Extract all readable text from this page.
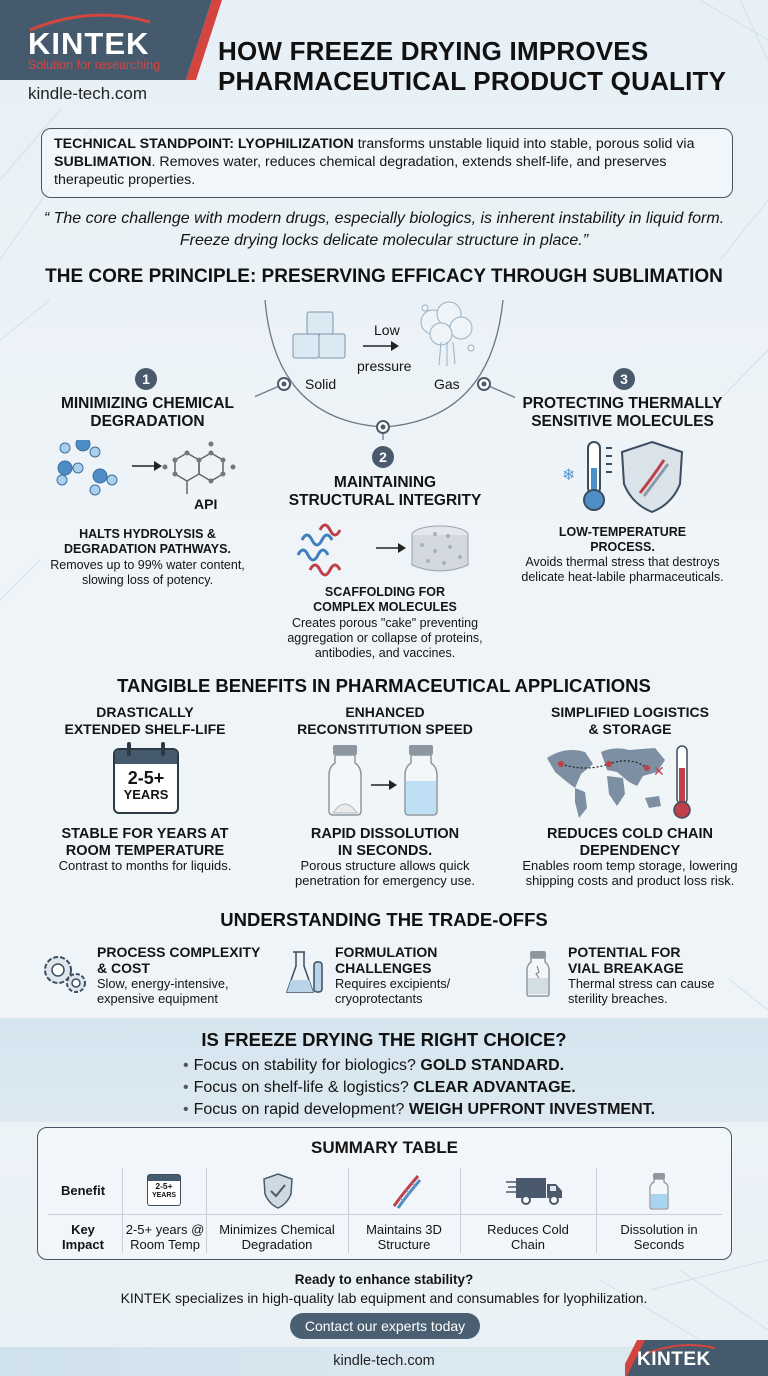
KINTEK
Solution for researching
kindle-tech.com
HOW FREEZE DRYING IMPROVES
PHARMACEUTICAL PRODUCT QUALITY
TECHNICAL STANDPOINT: LYOPHILIZATION transforms unstable liquid into stable, porous solid via SUBLIMATION. Removes water, reduces chemical degradation, extends shelf-life, and preserves therapeutic properties.
“ The core challenge with modern drugs, especially biologics, is inherent instability in liquid form. Freeze drying locks delicate molecular structure in place.”
THE CORE PRINCIPLE: PRESERVING EFFICACY THROUGH SUBLIMATION
Low
pressure
Solid	Gas
1
MINIMIZING CHEMICAL
DEGRADATION
API
HALTS HYDROLYSIS &
DEGRADATION PATHWAYS.
Removes up to 99% water content,
slowing loss of potency.
2
MAINTAINING
STRUCTURAL INTEGRITY
SCAFFOLDING FOR
COMPLEX MOLECULES
Creates porous "cake" preventing
aggregation or collapse of proteins,
antibodies, and vaccines.
3
PROTECTING THERMALLY
SENSITIVE MOLECULES
❄
LOW-TEMPERATURE
PROCESS.
Avoids thermal stress that destroys
delicate heat-labile pharmaceuticals.
TANGIBLE BENEFITS IN PHARMACEUTICAL APPLICATIONS
DRASTICALLY
EXTENDED SHELF-LIFE
2-5+
YEARS
STABLE FOR YEARS AT
ROOM TEMPERATURE
Contrast to months for liquids.
ENHANCED
RECONSTITUTION SPEED
RAPID DISSOLUTION
IN SECONDS.
Porous structure allows quick
penetration for emergency use.
SIMPLIFIED LOGISTICS
& STORAGE
✕
REDUCES COLD CHAIN
DEPENDENCY
Enables room temp storage, lowering
shipping costs and product loss risk.
UNDERSTANDING THE TRADE-OFFS
PROCESS COMPLEXITY
& COST
Slow, energy-intensive,
expensive equipment
FORMULATION
CHALLENGES
Requires excipients/
cryoprotectants
POTENTIAL FOR
VIAL BREAKAGE
Thermal stress can cause
sterility breaches.
IS FREEZE DRYING THE RIGHT CHOICE?
• Focus on stability for biologics? GOLD STANDARD.
• Focus on shelf-life & logistics? CLEAR ADVANTAGE.
• Focus on rapid development? WEIGH UPFRONT INVESTMENT.
SUMMARY TABLE
Benefit
Key
Impact
2-5+
YEARS
2-5+ years @
Room Temp
Minimizes Chemical
Degradation
Maintains 3D
Structure
Reduces Cold
Chain
Dissolution in
Seconds
Ready to enhance stability?
KINTEK specializes in high-quality lab equipment and consumables for lyophilization.
Contact our experts today
kindle-tech.com	KINTEK
